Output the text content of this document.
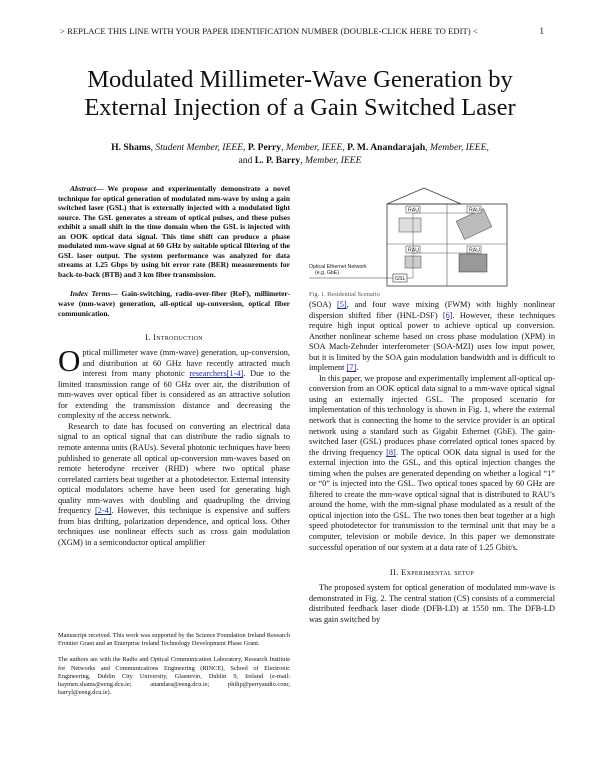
> REPLACE THIS LINE WITH YOUR PAPER IDENTIFICATION NUMBER (DOUBLE-CLICK HERE TO EDIT) <	1
Modulated Millimeter-Wave Generation by
External Injection of a Gain Switched Laser
H. Shams, Student Member, IEEE, P. Perry, Member, IEEE, P. M. Anandarajah, Member, IEEE,
and L. P. Barry, Member, IEEE

Abstract— We propose and experimentally demonstrate a novel technique for optical generation of modulated mm-wave by using a gain switched laser (GSL) that is externally injected with a modulated light source. The GSL generates a stream of optical pulses, and these pulses exhibit a small shift in the time domain when the GSL is injected with an OOK optical data signal. This time shift can produce a phase modulated mm-wave signal at 60 GHz by suitable optical filtering of the GSL laser output. The system performance was analyzed for data streams at 1.25 Gbps by using bit error rate (BER) measurements for back-to-back (BTB) and 3 km fiber transmission.

Index Terms— Gain-switching, radio-over-fiber (RoF), millimeter-wave (mm-wave) generation, all-optical up-conversion, optical fiber communication.

I. Introduction

Optical millimeter wave (mm-wave) generation, up-conversion, and distribution at 60 GHz have recently attracted much interest from many photonic researchers[1-4]. Due to the limited transmission range of 60 GHz over air, the distribution of mm-waves over optical fiber is considered as an attractive solution for extending the transmission distance and decreasing the complexity of the access network.

Research to date has focused on converting an electrical data signal to an optical signal that can distribute the radio signals to remote antenna units (RAUs). Several photonic techniques have been published to generate all optical up-conversion mm-waves based on remote heterodyne receiver (RHD) where two optical phase correlated carriers beat together at a photodetector. External intensity optical modulators scheme have been used for generating high quality mm-waves with doubling and quadrupling the driving frequency [2-4]. However, this technique is expensive and suffers from bias drifting, polarization dependence, and optical loss. Other techniques use nonlinear effects such as cross gain modulation (XGM) in a semiconductor optical amplifier

Manuscript received. This work was supported by the Science Foundation Ireland Research Frontier Grant and an Enterprise Ireland Technology Development Phase Grant.

The authors are with the Radio and Optical Communication Laboratory, Research Institute for Networks and Communications Engineering (RINCE), School of Electronic Engineering, Dublin City University, Glasnevin, Dublin 9, Ireland (e-mail: haymen.shams@eeng.dcu.ie; anandara@eeng.dcu.ie; philip@perryaudio.com; barryl@eeng.dcu.ie).

RAU	RAU
RAU	RAU
GSL
Optical Ethernet Network
(e.g. GbE)
Fig. 1. Residential Scenario

(SOA) [5], and four wave mixing (FWM) with highly nonlinear dispersion shifted fiber (HNL-DSF) [6]. However, these techniques require high input optical power to achieve optical up conversion. Another nonlinear scheme based on cross phase modulation (XPM) in SOA Mach-Zehnder interferometer (SOA-MZI) uses low input power, but it is limited by the SOA gain modulation bandwidth and is difficult to implement [7].

In this paper, we propose and experimentally implement all-optical up-conversion from an OOK optical data signal to a mm-wave optical signal using an externally injected GSL. The proposed scenario for implementation of this technology is shown in Fig. 1, where the external network that is connecting the home to the service provider is an optical network using a standard such as Gigabit Ethernet (GbE). The gain-switched laser (GSL) produces phase correlated optical tones spaced by the driving frequency [8]. The optical OOK data signal is used for the external injection into the GSL, and this optical injection changes the timing when the pulses are generated depending on whether a logical “1” or “0” is injected into the GSL. Two optical tones spaced by 60 GHz are filtered to create the mm-wave optical signal that is distributed to RAU’s around the home, with the mm-signal phase modulated as a result of the optical injection into the GSL. The two tones then beat together at a high speed photodetector for transmission to the terminal unit that may be a computer, television or mobile device. In this paper we demonstrate successful operation of our system at a data rate of 1.25 Gbit/s.

II. Experimental setup

The proposed system for optical generation of modulated mm-wave is demonstrated in Fig. 2. The central station (CS) consists of a commercial distributed feedback laser diode (DFB-LD) at 1550 nm. The DFB-LD was gain switched by
